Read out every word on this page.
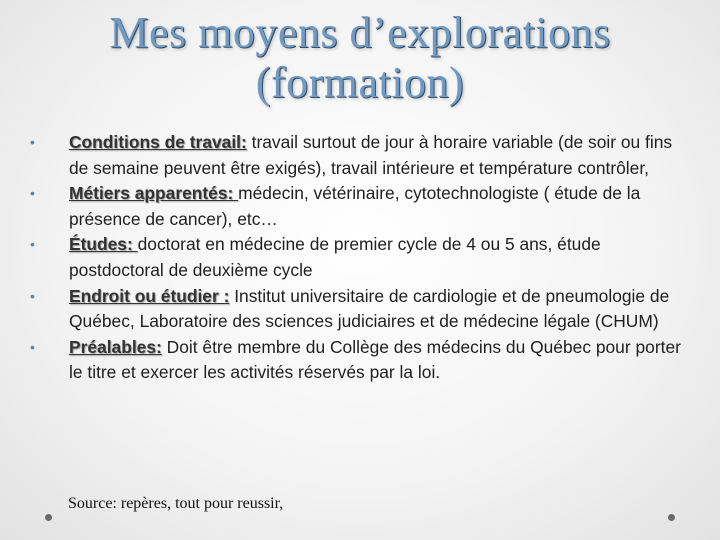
Mes moyens d’explorations
(formation)
• Conditions de travail: travail surtout de jour à horaire variable (de soir ou fins de semaine peuvent être exigés), travail intérieure et température contrôler,
• Métiers apparentés: médecin, vétérinaire, cytotechnologiste ( étude de la présence de cancer), etc…
• Études: doctorat en médecine de premier cycle de 4 ou 5 ans, étude postdoctoral de deuxième cycle
• Endroit ou étudier : Institut universitaire de cardiologie et de pneumologie de Québec, Laboratoire des sciences judiciaires et de médecine légale (CHUM)
• Préalables: Doit être membre du Collège des médecins du Québec pour porter le titre et exercer les activités réservés par la loi.
Source: repères, tout pour reussir,
